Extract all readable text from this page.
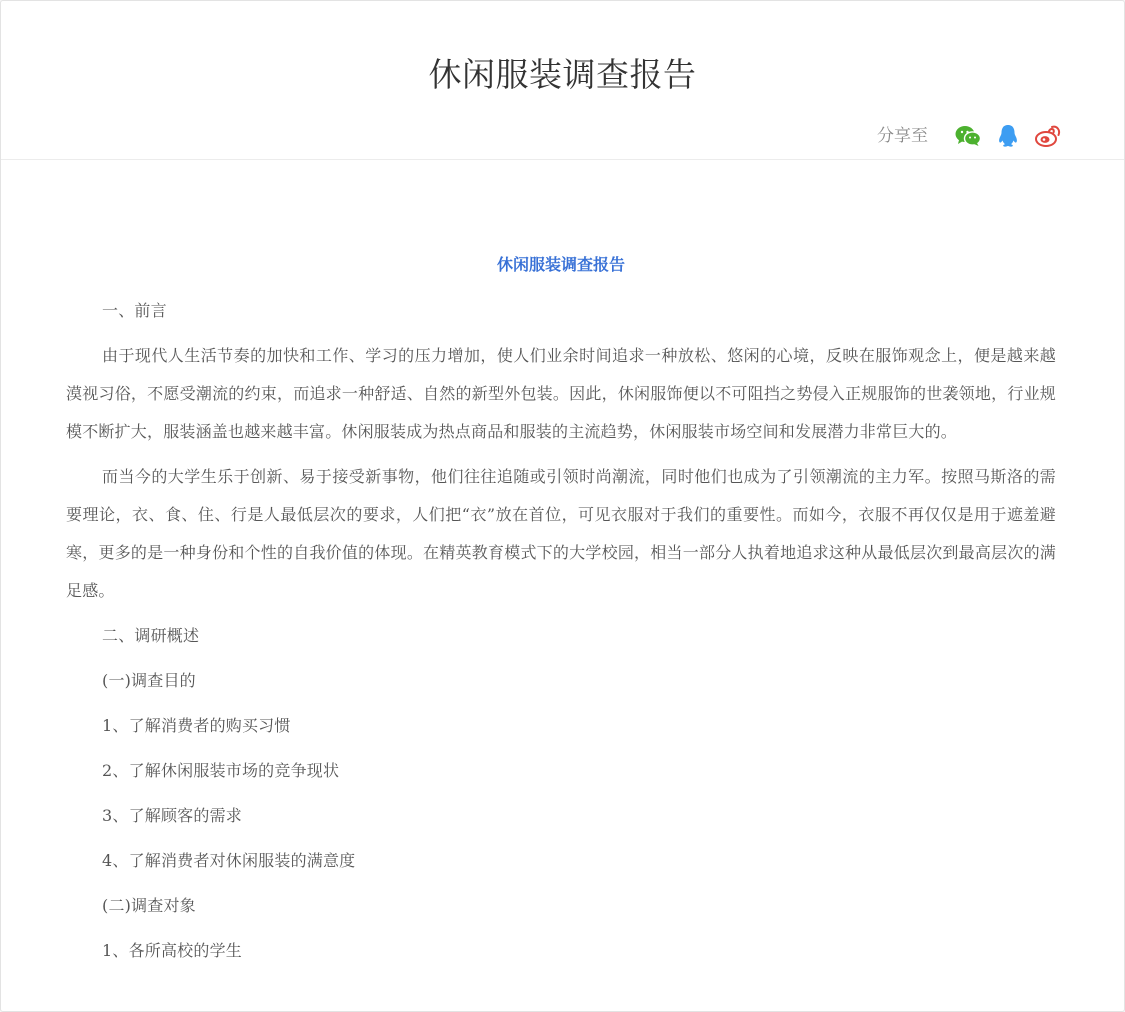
休闲服装调查报告
分享至
休闲服装调查报告

一、前言

由于现代人生活节奏的加快和工作、学习的压力增加，使人们业余时间追求一种放松、悠闲的心境，反映在服饰观念上，便是越来越漠视习俗，不愿受潮流的约束，而追求一种舒适、自然的新型外包装。因此，休闲服饰便以不可阻挡之势侵入正规服饰的世袭领地，行业规模不断扩大，服装涵盖也越来越丰富。休闲服装成为热点商品和服装的主流趋势，休闲服装市场空间和发展潜力非常巨大的。

而当今的大学生乐于创新、易于接受新事物，他们往往追随或引领时尚潮流，同时他们也成为了引领潮流的主力军。按照马斯洛的需要理论，衣、食、住、行是人最低层次的要求，人们把“衣”放在首位，可见衣服对于我们的重要性。而如今，衣服不再仅仅是用于遮羞避寒，更多的是一种身份和个性的自我价值的体现。在精英教育模式下的大学校园，相当一部分人执着地追求这种从最低层次到最高层次的满足感。

二、调研概述

(一)调查目的

1、了解消费者的购买习惯

2、了解休闲服装市场的竞争现状

3、了解顾客的需求

4、了解消费者对休闲服装的满意度

(二)调查对象

1、各所高校的学生
